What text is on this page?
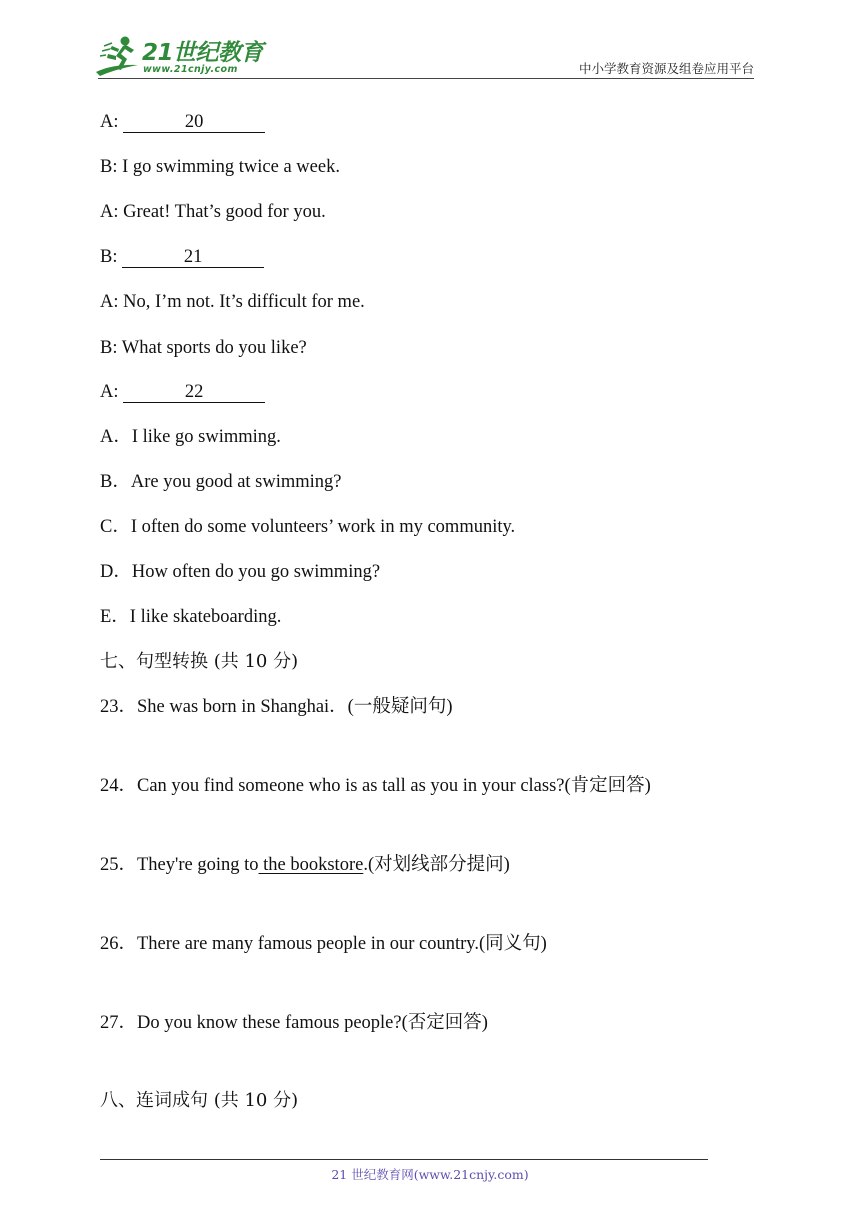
21世纪教育
www.21cnjy.com	中小学教育资源及组卷应用平台
A:	20
B: I go swimming twice a week.
A: Great! That’s good for you.
B:	21
A: No, I’m not. It’s difficult for me.
B: What sports do you like?
A:	22
A．I like go swimming.
B．Are you good at swimming?
C．I often do some volunteers’ work in my community.
D．How often do you go swimming?
E．I like skateboarding.
七、句型转换 (共 10 分)
23．She was born in Shanghai．(一般疑问句)
24．Can you find someone who is as tall as you in your class?(肯定回答)
25．They're going to the bookstore.(对划线部分提问)
26．There are many famous people in our country.(同义句)
27．Do you know these famous people?(否定回答)
八、连词成句 (共 10 分)
21 世纪教育网(www.21cnjy.com)
